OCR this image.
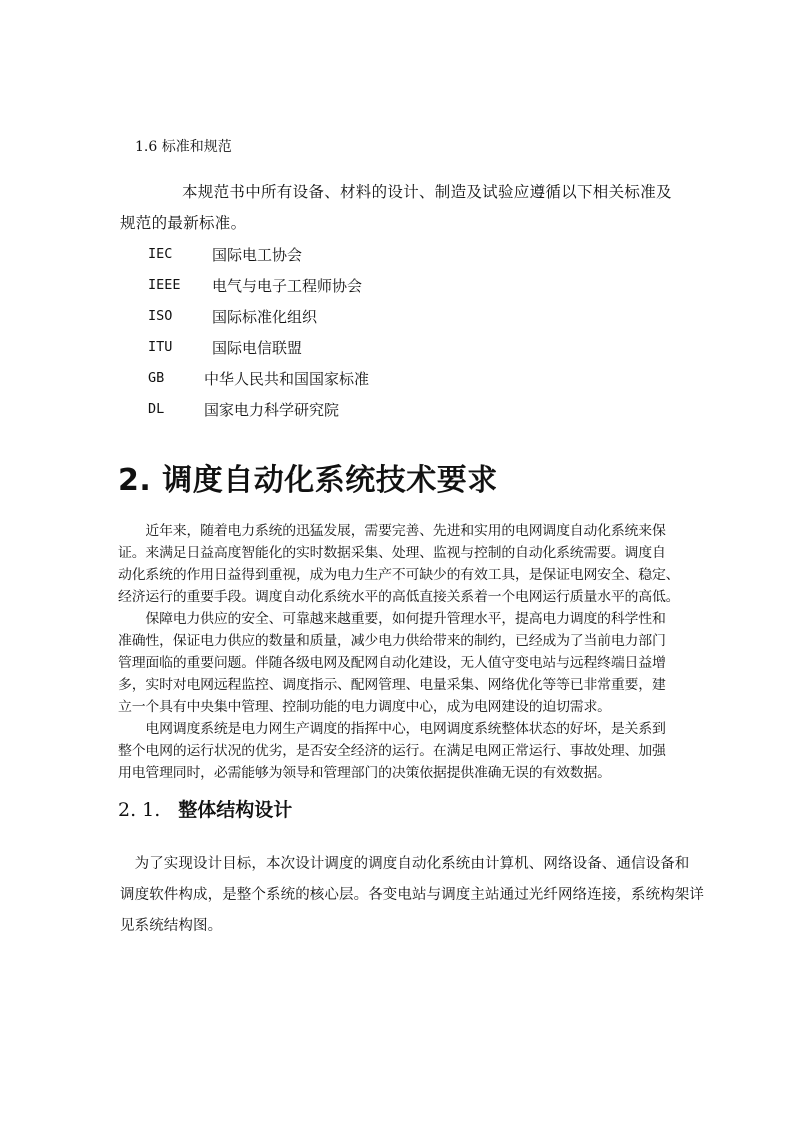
1.6 标准和规范
本规范书中所有设备、材料的设计、制造及试验应遵循以下相关标准及
规范的最新标准。
IEC	国际电工协会
IEEE 电气与电子工程师协会
ISO	国际标准化组织
ITU	国际电信联盟
GB	中华人民共和国国家标准
DL	国家电力科学研究院
2. 调度自动化系统技术要求
　　近年来，随着电力系统的迅猛发展，需要完善、先进和实用的电网调度自动化系统来保
证。来满足日益高度智能化的实时数据采集、处理、监视与控制的自动化系统需要。调度自
动化系统的作用日益得到重视，成为电力生产不可缺少的有效工具，是保证电网安全、稳定、
经济运行的重要手段。调度自动化系统水平的高低直接关系着一个电网运行质量水平的高低。
　　保障电力供应的安全、可靠越来越重要，如何提升管理水平，提高电力调度的科学性和
准确性，保证电力供应的数量和质量，减少电力供给带来的制约，已经成为了当前电力部门
管理面临的重要问题。伴随各级电网及配网自动化建设，无人值守变电站与远程终端日益增
多，实时对电网远程监控、调度指示、配网管理、电量采集、网络优化等等已非常重要，建
立一个具有中央集中管理、控制功能的电力调度中心，成为电网建设的迫切需求。
　　电网调度系统是电力网生产调度的指挥中心，电网调度系统整体状态的好坏，是关系到
整个电网的运行状况的优劣，是否安全经济的运行。在满足电网正常运行、事故处理、加强
用电管理同时，必需能够为领导和管理部门的决策依据提供准确无误的有效数据。
2. 1. 整体结构设计
　为了实现设计目标，本次设计调度的调度自动化系统由计算机、网络设备、通信设备和
调度软件构成，是整个系统的核心层。各变电站与调度主站通过光纤网络连接，系统构架详
见系统结构图。
